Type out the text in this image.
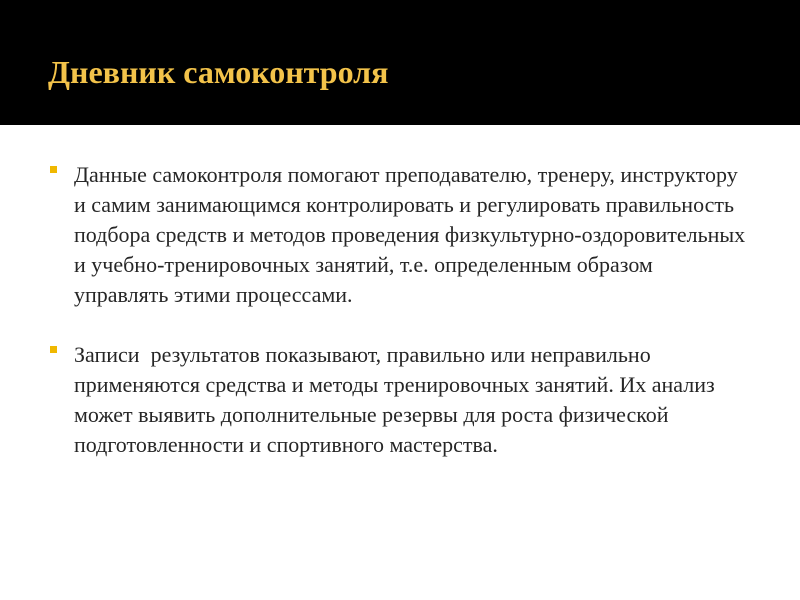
Дневник самоконтроля
Данные самоконтроля помогают преподавателю, тренеру, инструктору и самим занимающимся контролировать и регулировать правильность подбора средств и методов проведения физкультурно-оздоровительных и учебно-тренировочных занятий, т.е. определенным образом управлять этими процессами.
Записи  результатов показывают, правильно или неправильно применяются средства и методы тренировочных занятий. Их анализ может выявить дополнительные резервы для роста физической подготовленности и спортивного мастерства.
